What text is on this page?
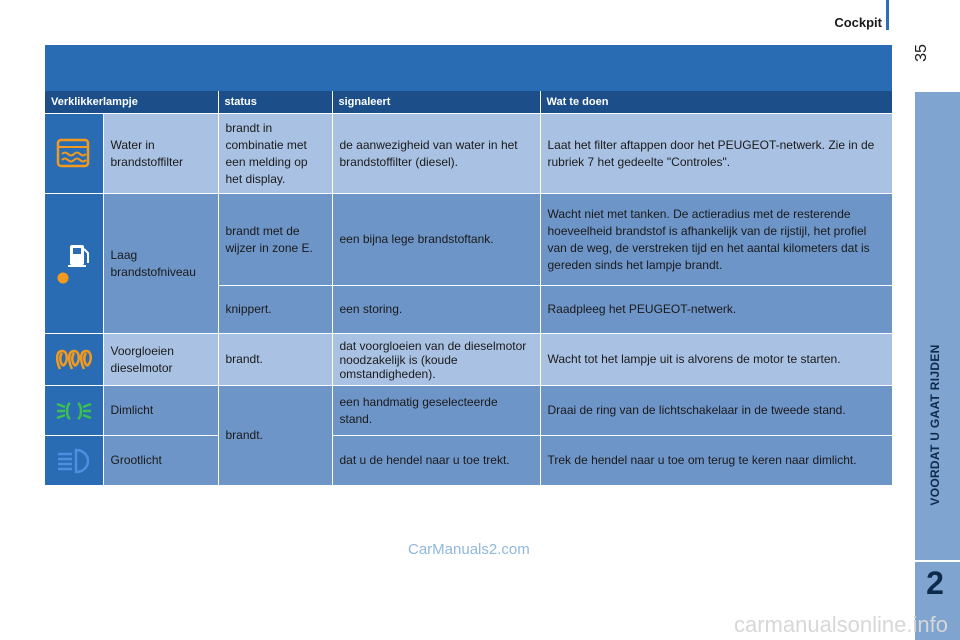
Cockpit
35
VOORDAT U GAAT RIJDEN
2
Verklikkerlampje		status	signaleert	Wat te doen

	Water in brandstoffilter	brandt in combinatie met een melding op het display.	de aanwezigheid van water in het brandstoffilter (diesel).	Laat het filter aftappen door het PEUGEOT-netwerk. Zie in de rubriek 7 het gedeelte "Controles".

	Laag brandstofniveau	brandt met de wijzer in zone E.	een bijna lege brandstoftank.	Wacht niet met tanken. De actieradius met de resterende hoeveelheid brandstof is afhankelijk van de rijstijl, het profiel van de weg, de verstreken tijd en het aantal kilometers dat is gereden sinds het lampje brandt.
		knippert.	een storing.	Raadpleeg het PEUGEOT-netwerk.

	Voorgloeien dieselmotor	brandt.	dat voorgloeien van de dieselmotor noodzakelijk is (koude omstandigheden).	Wacht tot het lampje uit is alvorens de motor te starten.

	Dimlicht	brandt.	een handmatig geselecteerde stand.	Draai de ring van de lichtschakelaar in de tweede stand.

	Grootlicht		dat u de hendel naar u toe trekt.	Trek de hendel naar u toe om terug te keren naar dimlicht.
CarManuals2.com
carmanualsonline.info
